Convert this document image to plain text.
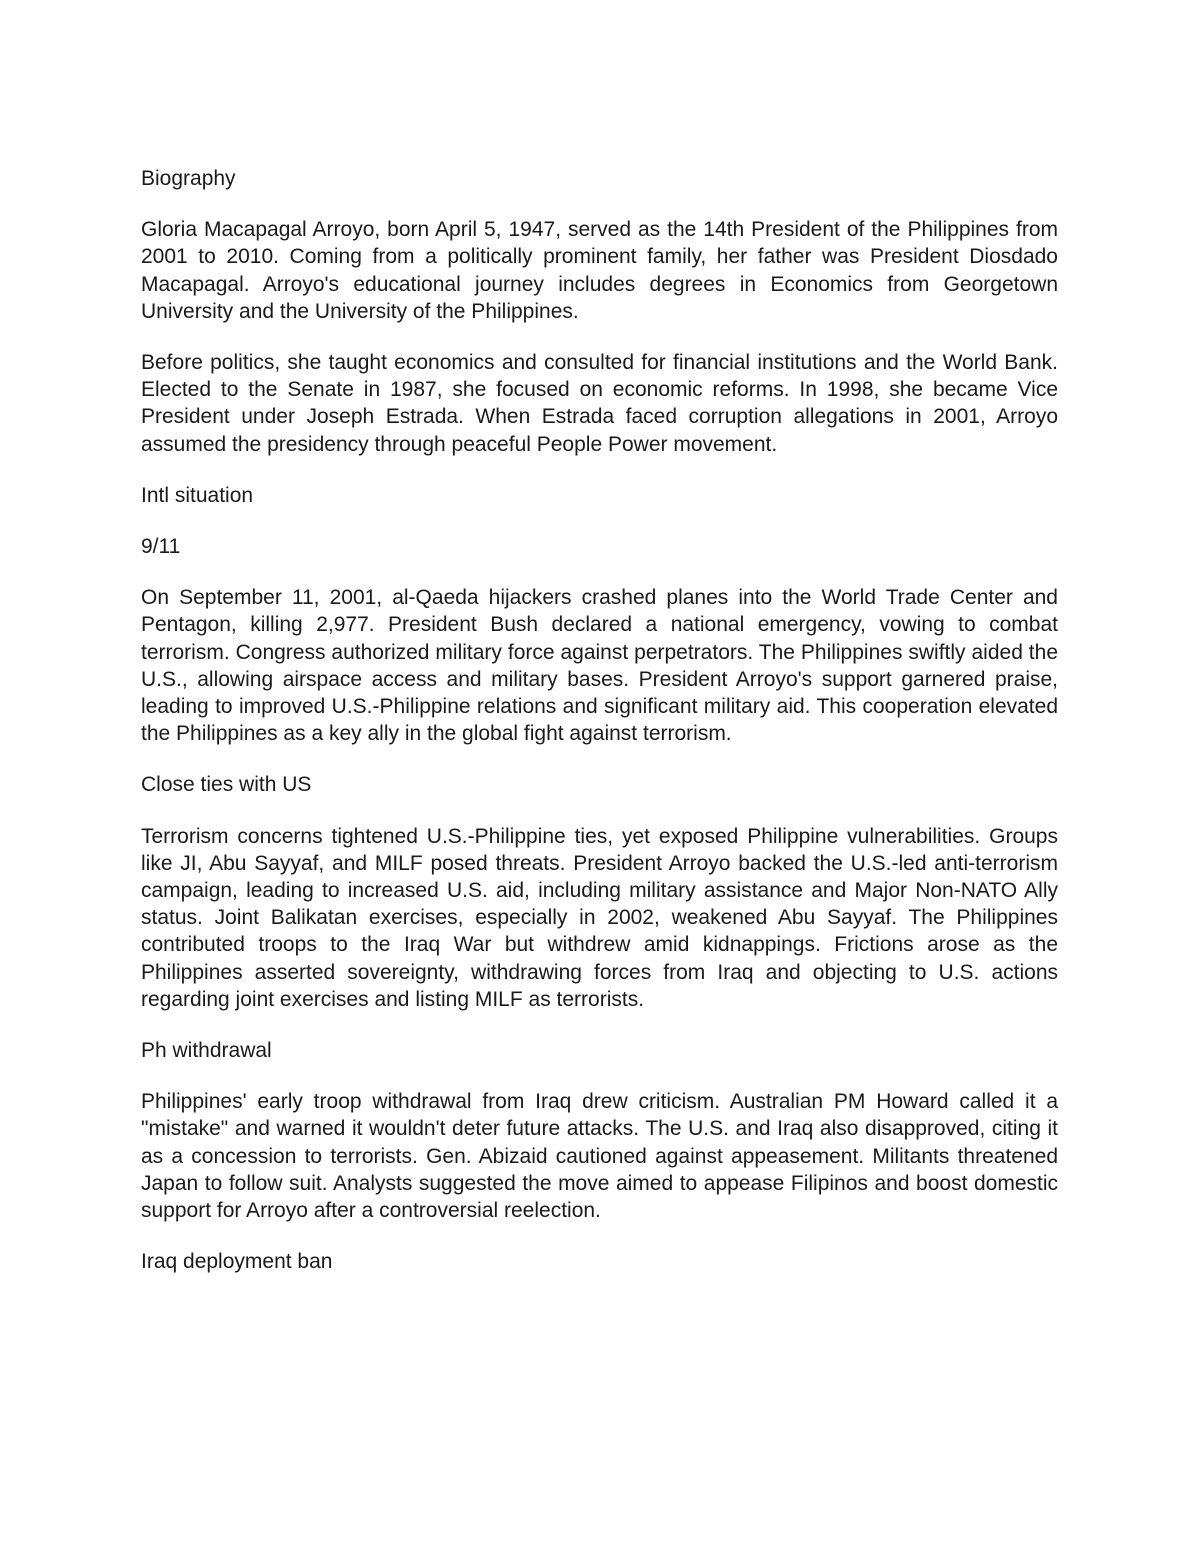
Biography

Gloria Macapagal Arroyo, born April 5, 1947, served as the 14th President of the Philippines from 2001 to 2010. Coming from a politically prominent family, her father was President Diosdado Macapagal. Arroyo's educational journey includes degrees in Economics from Georgetown University and the University of the Philippines.

Before politics, she taught economics and consulted for financial institutions and the World Bank. Elected to the Senate in 1987, she focused on economic reforms. In 1998, she became Vice President under Joseph Estrada. When Estrada faced corruption allegations in 2001, Arroyo assumed the presidency through peaceful People Power movement.

Intl situation
9/11

On September 11, 2001, al-Qaeda hijackers crashed planes into the World Trade Center and Pentagon, killing 2,977. President Bush declared a national emergency, vowing to combat terrorism. Congress authorized military force against perpetrators. The Philippines swiftly aided the U.S., allowing airspace access and military bases. President Arroyo's support garnered praise, leading to improved U.S.-Philippine relations and significant military aid. This cooperation elevated the Philippines as a key ally in the global fight against terrorism.

Close ties with US

Terrorism concerns tightened U.S.-Philippine ties, yet exposed Philippine vulnerabilities. Groups like JI, Abu Sayyaf, and MILF posed threats. President Arroyo backed the U.S.-led anti-terrorism campaign, leading to increased U.S. aid, including military assistance and Major Non-NATO Ally status. Joint Balikatan exercises, especially in 2002, weakened Abu Sayyaf. The Philippines contributed troops to the Iraq War but withdrew amid kidnappings. Frictions arose as the Philippines asserted sovereignty, withdrawing forces from Iraq and objecting to U.S. actions regarding joint exercises and listing MILF as terrorists.

Ph withdrawal

Philippines' early troop withdrawal from Iraq drew criticism. Australian PM Howard called it a "mistake" and warned it wouldn't deter future attacks. The U.S. and Iraq also disapproved, citing it as a concession to terrorists. Gen. Abizaid cautioned against appeasement. Militants threatened Japan to follow suit. Analysts suggested the move aimed to appease Filipinos and boost domestic support for Arroyo after a controversial reelection.

Iraq deployment ban
